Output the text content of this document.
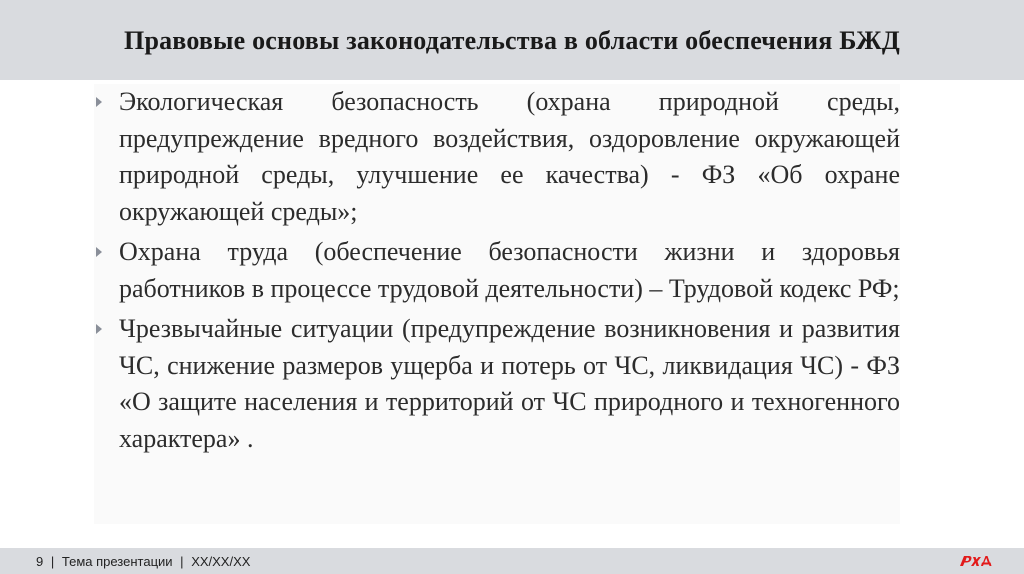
Правовые основы законодательства в области обеспечения БЖД
Экологическая безопасность (охрана природной среды, предупреждение вредного воздействия, оздоровление окружающей природной среды, улучшение ее качества) - ФЗ «Об охране окружающей среды»;
Охрана труда (обеспечение безопасности жизни и здоровья работников в процессе трудовой деятельности) – Трудовой кодекс РФ;
Чрезвычайные ситуации (предупреждение возникновения и развития ЧС, снижение размеров ущерба и потерь от ЧС, ликвидация ЧС) - ФЗ «О защите населения и территорий от ЧС природного и техногенного характера» .
9 | Тема презентации | XX/XX/XX
